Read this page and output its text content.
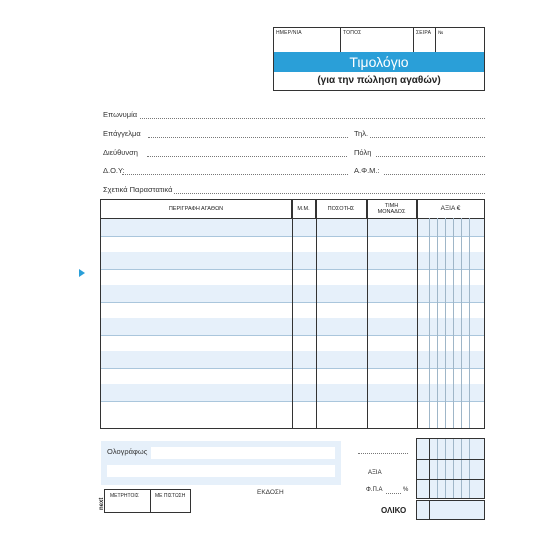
ΗΜΕΡ/ΝΙΑ	ΤΟΠΟΣ	ΣΕΙΡΑ	№
Τιμολόγιο
(για την πώληση αγαθών)
Επωνυμία
Επάγγελμα	Τηλ.
Διεύθυνση	Πόλη
Δ.Ο.Υ:	Α.Φ.Μ.:
Σχετικά Παραστατικά
ΠΕΡΙΓΡΑΦΗ ΑΓΑΘΩΝ	Μ.Μ.	ΠΟΣΟΤΗΣ	ΤΙΜΗ ΜΟΝΑΔΟΣ	ΑΞΙΑ €
Ολογράφως
ΜΕΤΡΗΤΟΙΣ	ΜΕ ΠΙΣΤΩΣΗ	ΕΚΔΟΣΗ
ΑΞΙΑ
Φ.Π.Α	%
ΟΛΙΚΟ
next
